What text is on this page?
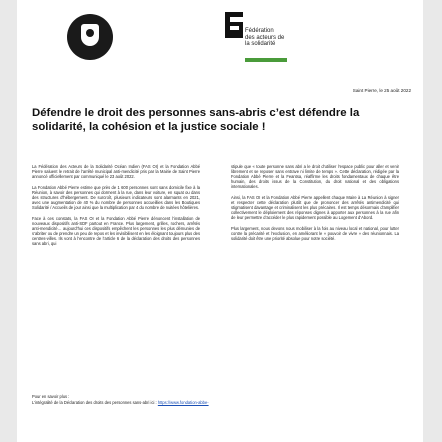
Fédération
des acteurs de
la solidarité
Saint Pierre, le 25 août 2022
Défendre le droit des personnes sans-abris c’est défendre la solidarité, la cohésion et la justice sociale !

La Fédération des Acteurs de la Solidarité Océan Indien (FAS OI) et la Fondation Abbé Pierre saluent le retrait de l’arrêté municipal anti-mendicité pris par la Mairie de Saint Pierre annoncé officiellement par communiqué le 23 août 2022.

La Fondation Abbé Pierre estime que près de 1 600 personnes sont sans domicile fixe à la Réunion, à savoir des personnes qui dorment à la rue, dans leur voiture, en squat ou dans des structures d’hébergement. De surcroît, plusieurs indicateurs sont alarmants en 2021, avec une augmentation de 40 % du nombre de personnes accueillies dans les Boutiques Solidarité / Accueils de jour ainsi que la multiplication par 4 du nombre de nuitées hôtelières.

Face à ces constats, la FAS OI et la Fondation Abbé Pierre dénoncent l’installation de nouveaux dispositifs anti-SDF partout en France. Plus largement, grilles, rochers, arrêtés anti-mendicité… aujourd’hui ces dispositifs empêchent les personnes les plus démunies de s’abriter ou de prendre un peu de repos et les invisibilisent en les éloignant toujours plus des centres-villes. Ils vont à l’encontre de l’article 6 de la déclaration des droits des personnes sans abri, qui

stipule que « toute personne sans abri a le droit d’utiliser l’espace public pour aller et venir librement et se reposer sans entrave ni limite de temps ». Cette déclaration, rédigée par la Fondation Abbé Pierre et la Feantsa, réaffirme les droits fondamentaux de chaque être humain, des droits issus de la Constitution, du droit national et des obligations internationales.

Ainsi, la FAS OI et la Fondation Abbé Pierre appellent chaque Maire à La Réunion à signer et respecter cette déclaration plutôt que de prononcer des arrêtés antimendicité qui stigmatisent davantage et criminalisent les plus précaires. Il est temps désormais d’amplifier collectivement le déploiement des réponses dignes à apporter aux personnes à la rue afin de leur permettre d’accéder le plus rapidement possible au Logement d’Abord.

Plus largement, nous devons nous mobiliser à la fois au niveau local et national, pour lutter contre la précarité et l’exclusion, en améliorant le « pouvoir de vivre » des réunionnais. La solidarité doit être une priorité absolue pour notre société.

Pour en savoir plus :
L’intégralité de la Déclaration des droits des personnes sans-abri ici : https://www.fondation-abbe-
